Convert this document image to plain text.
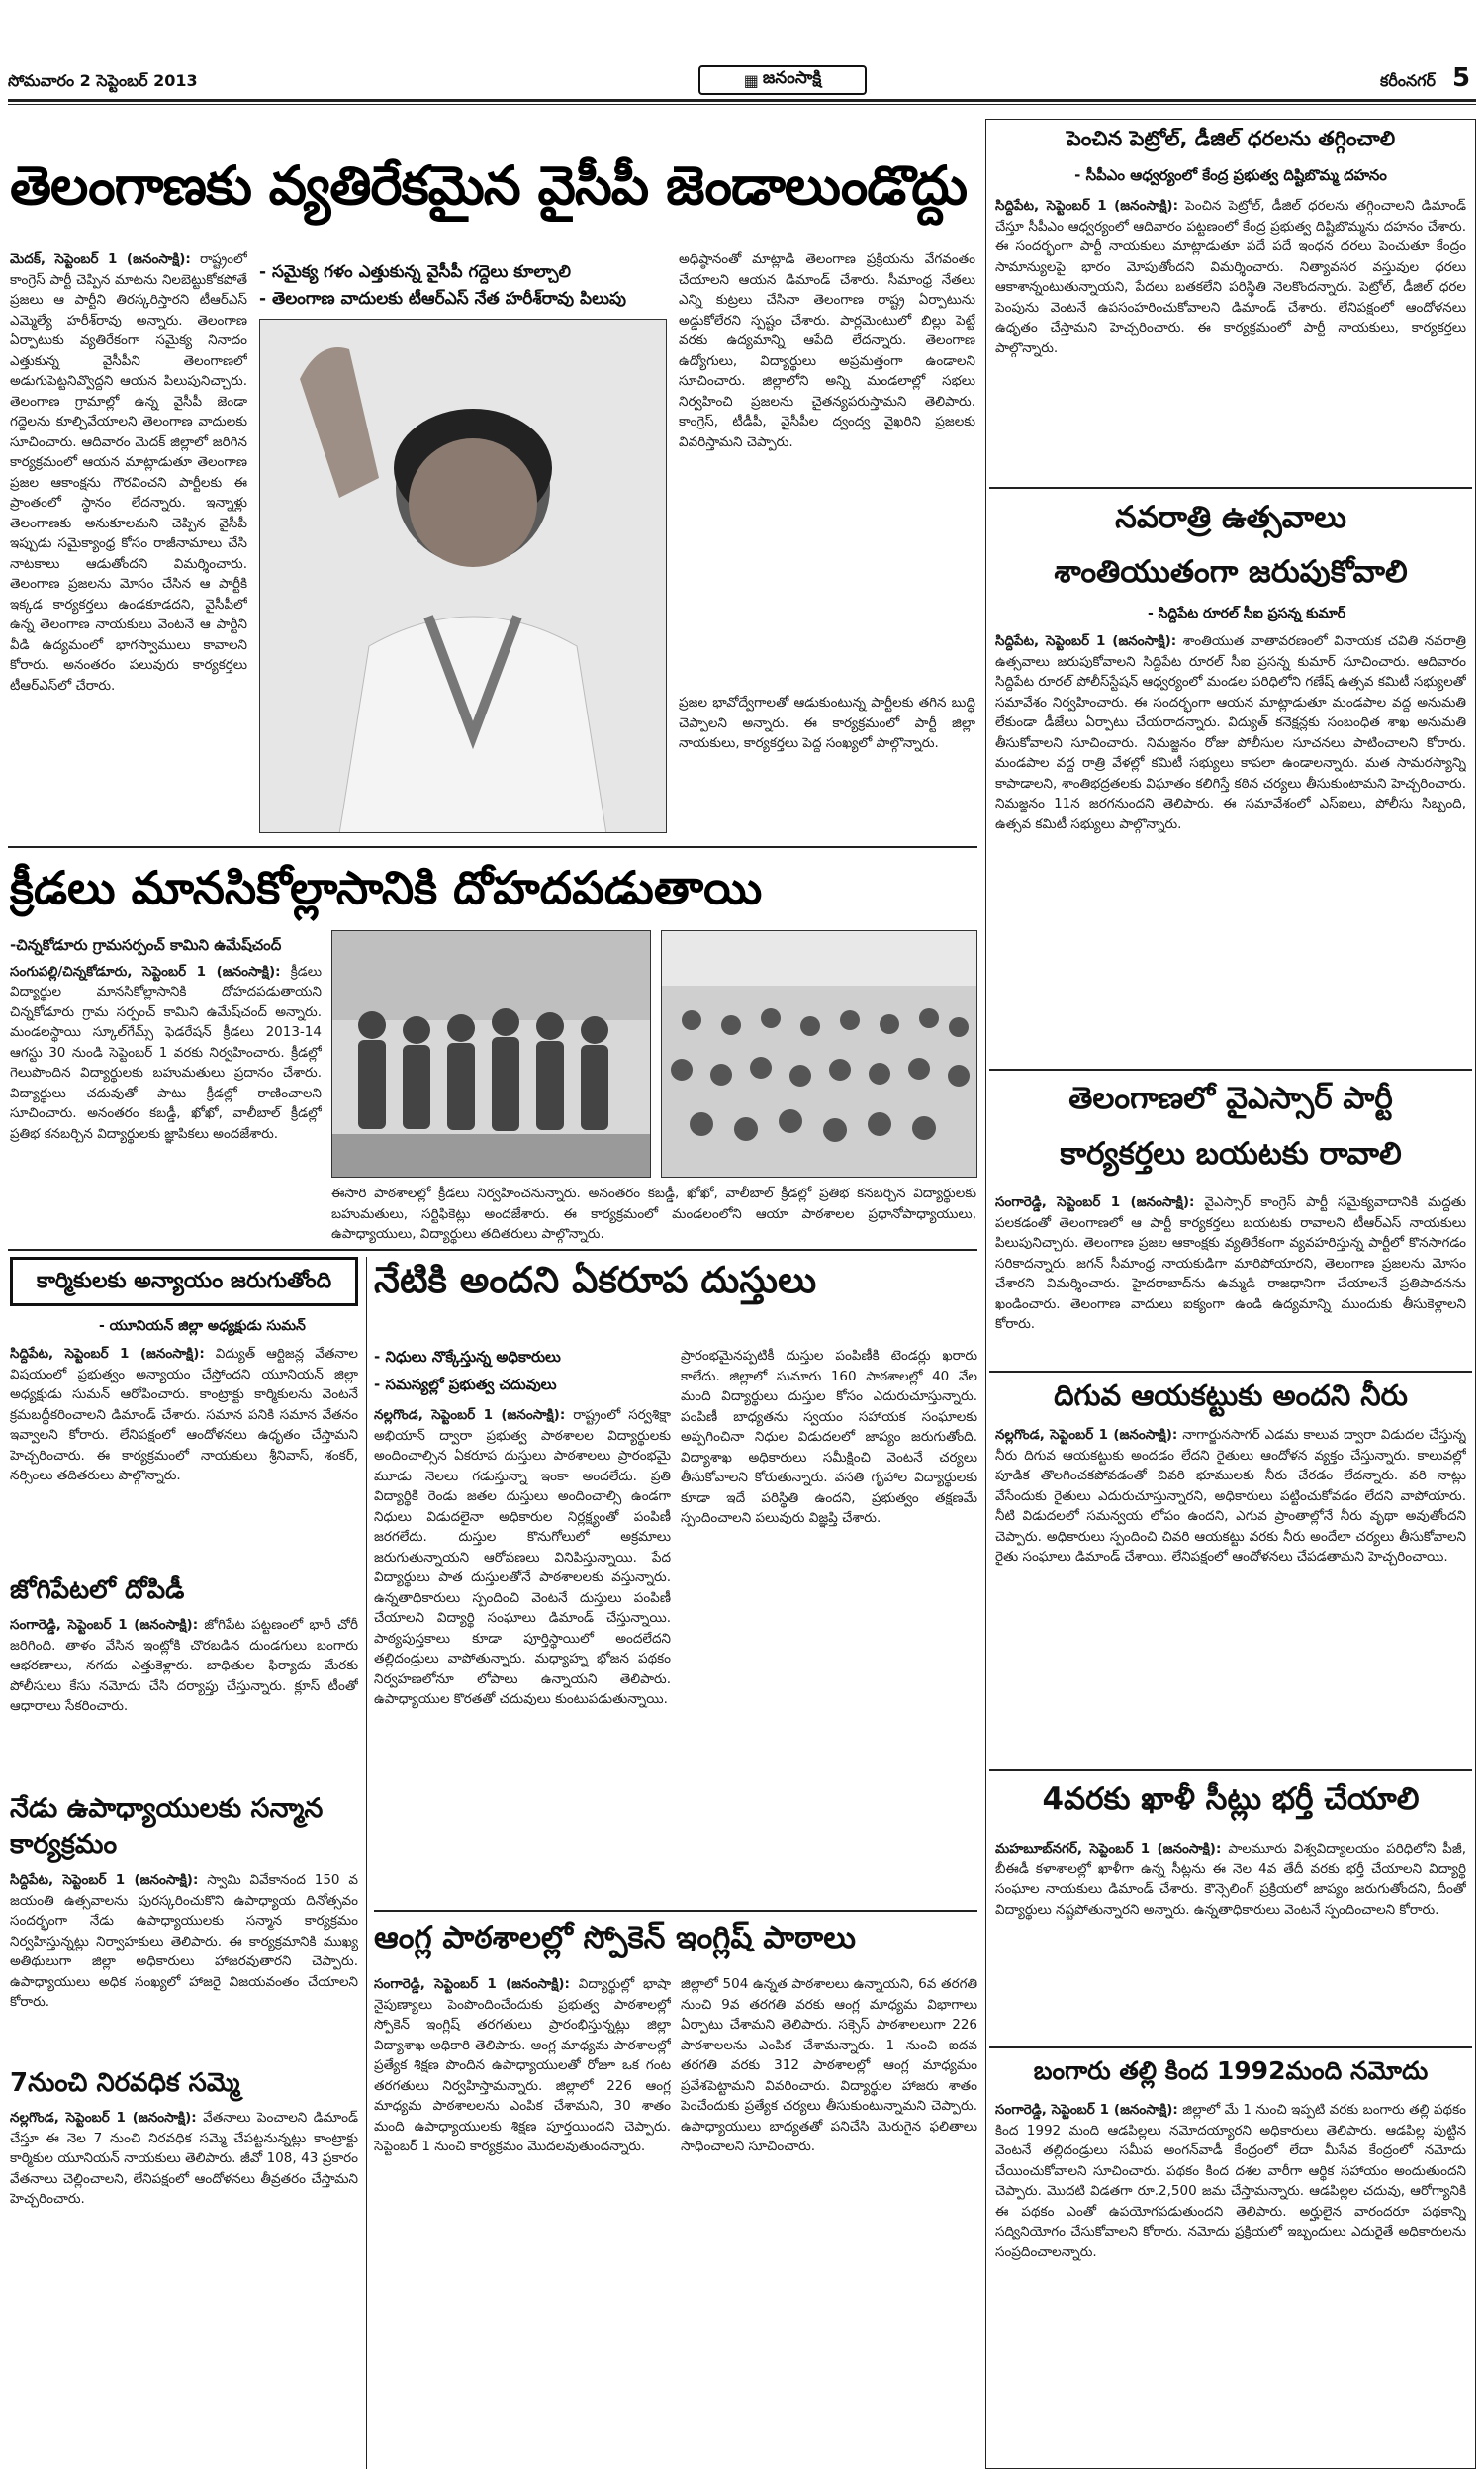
సోమవారం 2 సెప్టెంబర్ 2013	▦ జనంసాక్షి	కరీంనగర్ 5
తెలంగాణకు వ్యతిరేకమైన వైసీపీ జెండాలుండొద్దు
- సమైక్య గళం ఎత్తుకున్న వైసీపీ గద్దెలు కూల్చాలి
- తెలంగాణ వాదులకు టీఆర్‌ఎస్ నేత హరీశ్‌రావు పిలుపు
మెదక్, సెప్టెంబర్ 1 (జనంసాక్షి): రాష్ట్రంలో కాంగ్రెస్ పార్టీ చెప్పిన మాటను నిలబెట్టుకోకపోతే ప్రజలు ఆ పార్టీని తిరస్కరిస్తారని టీఆర్‌ఎస్ ఎమ్మెల్యే హరీశ్‌రావు అన్నారు. తెలంగాణ ఏర్పాటుకు వ్యతిరేకంగా సమైక్య నినాదం ఎత్తుకున్న వైసీపీని తెలంగాణలో అడుగుపెట్టనివ్వొద్దని ఆయన పిలుపునిచ్చారు. తెలంగాణ గ్రామాల్లో ఉన్న వైసీపీ జెండా గద్దెలను కూల్చివేయాలని తెలంగాణ వాదులకు సూచించారు. ఆదివారం మెదక్ జిల్లాలో జరిగిన కార్యక్రమంలో ఆయన మాట్లాడుతూ తెలంగాణ ప్రజల ఆకాంక్షను గౌరవించని పార్టీలకు ఈ ప్రాంతంలో స్థానం లేదన్నారు. ఇన్నాళ్లు తెలంగాణకు అనుకూలమని చెప్పిన వైసీపీ ఇప్పుడు సమైక్యాంధ్ర కోసం రాజీనామాలు చేసి నాటకాలు ఆడుతోందని విమర్శించారు. తెలంగాణ ప్రజలను మోసం చేసిన ఆ పార్టీకి ఇక్కడ కార్యకర్తలు ఉండకూడదని, వైసీపీలో ఉన్న తెలంగాణ నాయకులు వెంటనే ఆ పార్టీని వీడి ఉద్యమంలో భాగస్వాములు కావాలని కోరారు. అనంతరం పలువురు కార్యకర్తలు టీఆర్‌ఎస్‌లో చేరారు.
అధిష్ఠానంతో మాట్లాడి తెలంగాణ ప్రక్రియను వేగవంతం చేయాలని ఆయన డిమాండ్ చేశారు. సీమాంధ్ర నేతలు ఎన్ని కుట్రలు చేసినా తెలంగాణ రాష్ట్ర ఏర్పాటును అడ్డుకోలేరని స్పష్టం చేశారు. పార్లమెంటులో బిల్లు పెట్టే వరకు ఉద్యమాన్ని ఆపేది లేదన్నారు. తెలంగాణ ఉద్యోగులు, విద్యార్థులు అప్రమత్తంగా ఉండాలని సూచించారు. జిల్లాలోని అన్ని మండలాల్లో సభలు నిర్వహించి ప్రజలను చైతన్యపరుస్తామని తెలిపారు. కాంగ్రెస్, టీడీపీ, వైసీపీల ద్వంద్వ వైఖరిని ప్రజలకు వివరిస్తామని చెప్పారు.
ప్రజల భావోద్వేగాలతో ఆడుకుంటున్న పార్టీలకు తగిన బుద్ధి చెప్పాలని అన్నారు. ఈ కార్యక్రమంలో పార్టీ జిల్లా నాయకులు, కార్యకర్తలు పెద్ద సంఖ్యలో పాల్గొన్నారు.
క్రీడలు మానసికోల్లాసానికి దోహదపడుతాయి
-చిన్నకోడూరు గ్రామసర్పంచ్ కామిని ఉమేష్‌చంద్
సంగుపల్లి/చిన్నకోడూరు, సెప్టెంబర్ 1 (జనంసాక్షి): క్రీడలు విద్యార్థుల మానసికోల్లాసానికి దోహదపడుతాయని చిన్నకోడూరు గ్రామ సర్పంచ్ కామిని ఉమేష్‌చంద్ అన్నారు. మండలస్థాయి స్కూల్‌గేమ్స్ ఫెడరేషన్ క్రీడలు 2013-14 ఆగస్టు 30 నుండి సెప్టెంబర్ 1 వరకు నిర్వహించారు. క్రీడల్లో గెలుపొందిన విద్యార్థులకు బహుమతులు ప్రదానం చేశారు. విద్యార్థులు చదువుతో పాటు క్రీడల్లో రాణించాలని సూచించారు. అనంతరం కబడ్డీ, ఖోఖో, వాలీబాల్ క్రీడల్లో ప్రతిభ కనబర్చిన విద్యార్థులకు జ్ఞాపికలు అందజేశారు.
ఈసారి పాఠశాలల్లో క్రీడలు నిర్వహించనున్నారు. అనంతరం కబడ్డీ, ఖోఖో, వాలీబాల్ క్రీడల్లో ప్రతిభ కనబర్చిన విద్యార్థులకు బహుమతులు, సర్టిఫికెట్లు అందజేశారు. ఈ కార్యక్రమంలో మండలంలోని ఆయా పాఠశాలల ప్రధానోపాధ్యాయులు, ఉపాధ్యాయులు, విద్యార్థులు తదితరులు పాల్గొన్నారు.
కార్మికులకు అన్యాయం జరుగుతోంది
- యూనియన్ జిల్లా అధ్యక్షుడు సుమన్
సిద్దిపేట, సెప్టెంబర్ 1 (జనంసాక్షి): విద్యుత్ ఆర్టిజన్ల వేతనాల విషయంలో ప్రభుత్వం అన్యాయం చేస్తోందని యూనియన్ జిల్లా అధ్యక్షుడు సుమన్ ఆరోపించారు. కాంట్రాక్టు కార్మికులను వెంటనే క్రమబద్ధీకరించాలని డిమాండ్ చేశారు. సమాన పనికి సమాన వేతనం ఇవ్వాలని కోరారు. లేనిపక్షంలో ఆందోళనలు ఉధృతం చేస్తామని హెచ్చరించారు. ఈ కార్యక్రమంలో నాయకులు శ్రీనివాస్, శంకర్, నర్సింలు తదితరులు పాల్గొన్నారు.
జోగిపేటలో దోపిడీ
సంగారెడ్డి, సెప్టెంబర్ 1 (జనంసాక్షి): జోగిపేట పట్టణంలో భారీ చోరీ జరిగింది. తాళం వేసిన ఇంట్లోకి చొరబడిన దుండగులు బంగారు ఆభరణాలు, నగదు ఎత్తుకెళ్లారు. బాధితుల ఫిర్యాదు మేరకు పోలీసులు కేసు నమోదు చేసి దర్యాప్తు చేస్తున్నారు. క్లూస్ టీంతో ఆధారాలు సేకరించారు.
నేడు ఉపాధ్యాయులకు సన్మాన కార్యక్రమం
సిద్దిపేట, సెప్టెంబర్ 1 (జనంసాక్షి): స్వామి వివేకానంద 150 వ జయంతి ఉత్సవాలను పురస్కరించుకొని ఉపాధ్యాయ దినోత్సవం సందర్భంగా నేడు ఉపాధ్యాయులకు సన్మాన కార్యక్రమం నిర్వహిస్తున్నట్లు నిర్వాహకులు తెలిపారు. ఈ కార్యక్రమానికి ముఖ్య అతిథులుగా జిల్లా అధికారులు హాజరవుతారని చెప్పారు. ఉపాధ్యాయులు అధిక సంఖ్యలో హాజరై విజయవంతం చేయాలని కోరారు.
7నుంచి నిరవధిక సమ్మె
నల్లగొండ, సెప్టెంబర్ 1 (జనంసాక్షి): వేతనాలు పెంచాలని డిమాండ్ చేస్తూ ఈ నెల 7 నుంచి నిరవధిక సమ్మె చేపట్టనున్నట్లు కాంట్రాక్టు కార్మికుల యూనియన్ నాయకులు తెలిపారు. జీవో 108, 43 ప్రకారం వేతనాలు చెల్లించాలని, లేనిపక్షంలో ఆందోళనలు తీవ్రతరం చేస్తామని హెచ్చరించారు.
నేటికి అందని ఏకరూప దుస్తులు
- నిధులు నొక్కేస్తున్న అధికారులు
- సమస్యల్లో ప్రభుత్వ చదువులు
నల్లగొండ, సెప్టెంబర్ 1 (జనంసాక్షి): రాష్ట్రంలో సర్వశిక్షా అభియాన్ ద్వారా ప్రభుత్వ పాఠశాలల విద్యార్థులకు అందించాల్సిన ఏకరూప దుస్తులు పాఠశాలలు ప్రారంభమై మూడు నెలలు గడుస్తున్నా ఇంకా అందలేదు. ప్రతి విద్యార్థికి రెండు జతల దుస్తులు అందించాల్సి ఉండగా నిధులు విడుదలైనా అధికారుల నిర్లక్ష్యంతో పంపిణీ జరగలేదు. దుస్తుల కొనుగోలులో అక్రమాలు జరుగుతున్నాయని ఆరోపణలు వినిపిస్తున్నాయి. పేద విద్యార్థులు పాత దుస్తులతోనే పాఠశాలలకు వస్తున్నారు. ఉన్నతాధికారులు స్పందించి వెంటనే దుస్తులు పంపిణీ చేయాలని విద్యార్థి సంఘాలు డిమాండ్ చేస్తున్నాయి. పాఠ్యపుస్తకాలు కూడా పూర్తిస్థాయిలో అందలేదని తల్లిదండ్రులు వాపోతున్నారు. మధ్యాహ్న భోజన పథకం నిర్వహణలోనూ లోపాలు ఉన్నాయని తెలిపారు. ఉపాధ్యాయుల కొరతతో చదువులు కుంటుపడుతున్నాయి.
ప్రారంభమైనప్పటికీ దుస్తుల పంపిణీకి టెండర్లు ఖరారు కాలేదు. జిల్లాలో సుమారు 160 పాఠశాలల్లో 40 వేల మంది విద్యార్థులు దుస్తుల కోసం ఎదురుచూస్తున్నారు. పంపిణీ బాధ్యతను స్వయం సహాయక సంఘాలకు అప్పగించినా నిధుల విడుదలలో జాప్యం జరుగుతోంది. విద్యాశాఖ అధికారులు సమీక్షించి వెంటనే చర్యలు తీసుకోవాలని కోరుతున్నారు. వసతి గృహాల విద్యార్థులకు కూడా ఇదే పరిస్థితి ఉందని, ప్రభుత్వం తక్షణమే స్పందించాలని పలువురు విజ్ఞప్తి చేశారు.
ఆంగ్ల పాఠశాలల్లో స్పోకెన్ ఇంగ్లిష్ పాఠాలు
సంగారెడ్డి, సెప్టెంబర్ 1 (జనంసాక్షి): విద్యార్థుల్లో భాషా నైపుణ్యాలు పెంపొందించేందుకు ప్రభుత్వ పాఠశాలల్లో స్పోకెన్ ఇంగ్లిష్ తరగతులు ప్రారంభిస్తున్నట్లు జిల్లా విద్యాశాఖ అధికారి తెలిపారు. ఆంగ్ల మాధ్యమ పాఠశాలల్లో ప్రత్యేక శిక్షణ పొందిన ఉపాధ్యాయులతో రోజూ ఒక గంట తరగతులు నిర్వహిస్తామన్నారు. జిల్లాలో 226 ఆంగ్ల మాధ్యమ పాఠశాలలను ఎంపిక చేశామని, 30 శాతం మంది ఉపాధ్యాయులకు శిక్షణ పూర్తయిందని చెప్పారు. సెప్టెంబర్ 1 నుంచి కార్యక్రమం మొదలవుతుందన్నారు.
జిల్లాలో 504 ఉన్నత పాఠశాలలు ఉన్నాయని, 6వ తరగతి నుంచి 9వ తరగతి వరకు ఆంగ్ల మాధ్యమ విభాగాలు ఏర్పాటు చేశామని తెలిపారు. సక్సెస్ పాఠశాలలుగా 226 పాఠశాలలను ఎంపిక చేశామన్నారు. 1 నుంచి ఐదవ తరగతి వరకు 312 పాఠశాలల్లో ఆంగ్ల మాధ్యమం ప్రవేశపెట్టామని వివరించారు. విద్యార్థుల హాజరు శాతం పెంచేందుకు ప్రత్యేక చర్యలు తీసుకుంటున్నామని చెప్పారు. ఉపాధ్యాయులు బాధ్యతతో పనిచేసి మెరుగైన ఫలితాలు సాధించాలని సూచించారు.
పెంచిన పెట్రోల్, డీజిల్ ధరలను తగ్గించాలి
- సీపీఎం ఆధ్వర్యంలో కేంద్ర ప్రభుత్వ దిష్టిబొమ్మ దహనం
సిద్దిపేట, సెప్టెంబర్ 1 (జనంసాక్షి): పెంచిన పెట్రోల్, డీజిల్ ధరలను తగ్గించాలని డిమాండ్ చేస్తూ సీపీఎం ఆధ్వర్యంలో ఆదివారం పట్టణంలో కేంద్ర ప్రభుత్వ దిష్టిబొమ్మను దహనం చేశారు. ఈ సందర్భంగా పార్టీ నాయకులు మాట్లాడుతూ పదే పదే ఇంధన ధరలు పెంచుతూ కేంద్రం సామాన్యులపై భారం మోపుతోందని విమర్శించారు. నిత్యావసర వస్తువుల ధరలు ఆకాశాన్నంటుతున్నాయని, పేదలు బతకలేని పరిస్థితి నెలకొందన్నారు. పెట్రోల్, డీజిల్ ధరల పెంపును వెంటనే ఉపసంహరించుకోవాలని డిమాండ్ చేశారు. లేనిపక్షంలో ఆందోళనలు ఉధృతం చేస్తామని హెచ్చరించారు. ఈ కార్యక్రమంలో పార్టీ నాయకులు, కార్యకర్తలు పాల్గొన్నారు.
నవరాత్రి ఉత్సవాలు
శాంతియుతంగా జరుపుకోవాలి
- సిద్దిపేట రూరల్ సీఐ ప్రసన్న కుమార్
సిద్దిపేట, సెప్టెంబర్ 1 (జనంసాక్షి): శాంతియుత వాతావరణంలో వినాయక చవితి నవరాత్రి ఉత్సవాలు జరుపుకోవాలని సిద్దిపేట రూరల్ సీఐ ప్రసన్న కుమార్ సూచించారు. ఆదివారం సిద్దిపేట రూరల్ పోలీస్‌స్టేషన్ ఆధ్వర్యంలో మండల పరిధిలోని గణేష్ ఉత్సవ కమిటీ సభ్యులతో సమావేశం నిర్వహించారు. ఈ సందర్భంగా ఆయన మాట్లాడుతూ మండపాల వద్ద అనుమతి లేకుండా డీజేలు ఏర్పాటు చేయరాదన్నారు. విద్యుత్ కనెక్షన్లకు సంబంధిత శాఖ అనుమతి తీసుకోవాలని సూచించారు. నిమజ్జనం రోజు పోలీసుల సూచనలు పాటించాలని కోరారు. మండపాల వద్ద రాత్రి వేళల్లో కమిటీ సభ్యులు కాపలా ఉండాలన్నారు. మత సామరస్యాన్ని కాపాడాలని, శాంతిభద్రతలకు విఘాతం కలిగిస్తే కఠిన చర్యలు తీసుకుంటామని హెచ్చరించారు. నిమజ్జనం 11న జరగనుందని తెలిపారు. ఈ సమావేశంలో ఎస్ఐలు, పోలీసు సిబ్బంది, ఉత్సవ కమిటీ సభ్యులు పాల్గొన్నారు.
తెలంగాణలో వైఎస్సార్ పార్టీ
కార్యకర్తలు బయటకు రావాలి
సంగారెడ్డి, సెప్టెంబర్ 1 (జనంసాక్షి): వైఎస్సార్ కాంగ్రెస్ పార్టీ సమైక్యవాదానికి మద్దతు పలకడంతో తెలంగాణలో ఆ పార్టీ కార్యకర్తలు బయటకు రావాలని టీఆర్‌ఎస్ నాయకులు పిలుపునిచ్చారు. తెలంగాణ ప్రజల ఆకాంక్షకు వ్యతిరేకంగా వ్యవహరిస్తున్న పార్టీలో కొనసాగడం సరికాదన్నారు. జగన్ సీమాంధ్ర నాయకుడిగా మారిపోయారని, తెలంగాణ ప్రజలను మోసం చేశారని విమర్శించారు. హైదరాబాద్‌ను ఉమ్మడి రాజధానిగా చేయాలనే ప్రతిపాదనను ఖండించారు. తెలంగాణ వాదులు ఐక్యంగా ఉండి ఉద్యమాన్ని ముందుకు తీసుకెళ్లాలని కోరారు.
దిగువ ఆయకట్టుకు అందని నీరు
నల్లగొండ, సెప్టెంబర్ 1 (జనంసాక్షి): నాగార్జునసాగర్ ఎడమ కాలువ ద్వారా విడుదల చేస్తున్న నీరు దిగువ ఆయకట్టుకు అందడం లేదని రైతులు ఆందోళన వ్యక్తం చేస్తున్నారు. కాలువల్లో పూడిక తొలగించకపోవడంతో చివరి భూములకు నీరు చేరడం లేదన్నారు. వరి నాట్లు వేసేందుకు రైతులు ఎదురుచూస్తున్నారని, అధికారులు పట్టించుకోవడం లేదని వాపోయారు. నీటి విడుదలలో సమన్వయ లోపం ఉందని, ఎగువ ప్రాంతాల్లోనే నీరు వృథా అవుతోందని చెప్పారు. అధికారులు స్పందించి చివరి ఆయకట్టు వరకు నీరు అందేలా చర్యలు తీసుకోవాలని రైతు సంఘాలు డిమాండ్ చేశాయి. లేనిపక్షంలో ఆందోళనలు చేపడతామని హెచ్చరించాయి.
4వరకు ఖాళీ సీట్లు భర్తీ చేయాలి
మహబూబ్‌నగర్, సెప్టెంబర్ 1 (జనంసాక్షి): పాలమూరు విశ్వవిద్యాలయం పరిధిలోని పీజీ, బీఈడీ కళాశాలల్లో ఖాళీగా ఉన్న సీట్లను ఈ నెల 4వ తేదీ వరకు భర్తీ చేయాలని విద్యార్థి సంఘాల నాయకులు డిమాండ్ చేశారు. కౌన్సెలింగ్ ప్రక్రియలో జాప్యం జరుగుతోందని, దీంతో విద్యార్థులు నష్టపోతున్నారని అన్నారు. ఉన్నతాధికారులు వెంటనే స్పందించాలని కోరారు.
బంగారు తల్లి కింద 1992మంది నమోదు
సంగారెడ్డి, సెప్టెంబర్ 1 (జనంసాక్షి): జిల్లాలో మే 1 నుంచి ఇప్పటి వరకు బంగారు తల్లి పథకం కింద 1992 మంది ఆడపిల్లలు నమోదయ్యారని అధికారులు తెలిపారు. ఆడపిల్ల పుట్టిన వెంటనే తల్లిదండ్రులు సమీప అంగన్‌వాడీ కేంద్రంలో లేదా మీసేవ కేంద్రంలో నమోదు చేయించుకోవాలని సూచించారు. పథకం కింద దశల వారీగా ఆర్థిక సహాయం అందుతుందని చెప్పారు. మొదటి విడతగా రూ.2,500 జమ చేస్తామన్నారు. ఆడపిల్లల చదువు, ఆరోగ్యానికి ఈ పథకం ఎంతో ఉపయోగపడుతుందని తెలిపారు. అర్హులైన వారందరూ పథకాన్ని సద్వినియోగం చేసుకోవాలని కోరారు. నమోదు ప్రక్రియలో ఇబ్బందులు ఎదురైతే అధికారులను సంప్రదించాలన్నారు.
